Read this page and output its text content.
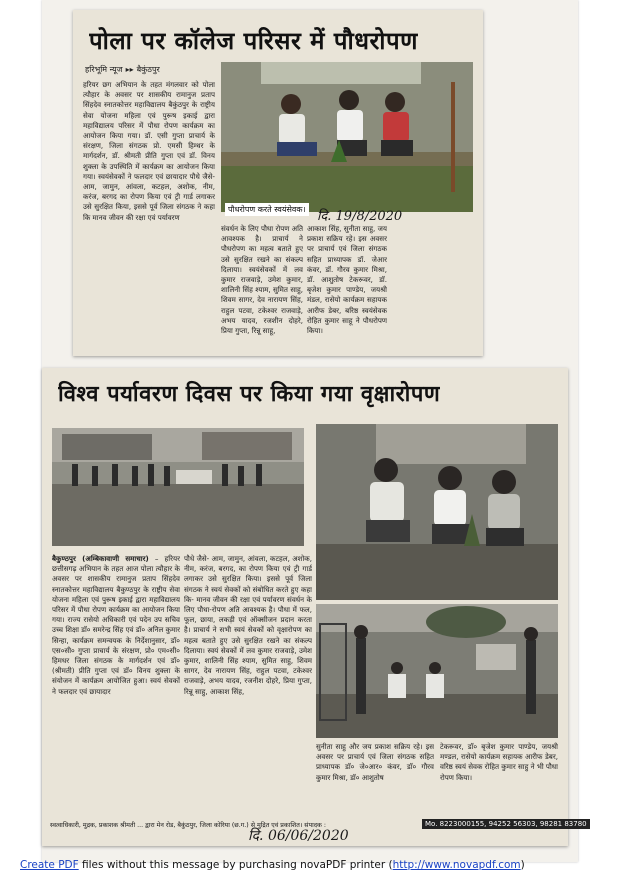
पोला पर कॉलेज परिसर में पौधरोपण
हरिभूमि न्यूज ▸▸ बैकुंठपुर
हरियर छग अभियान के तहत मंगलवार को पोला त्यौहार के अवसर पर शासकीय रामानुज प्रताप सिंहदेव स्नातकोत्तर महाविद्यालय बैकुंठपुर के राष्ट्रीय सेवा योजना महिला एवं पुरूष इकाई द्वारा महाविद्यालय परिसर में पौधा रोपण कार्यक्रम का आयोजन किया गया। डॉ. एसी गुप्ता प्राचार्य के संरक्षण, जिला संगठक प्रो. एमसी हिम्धर के मार्गदर्शन, डॉ. श्रीमती प्रीति गुप्ता एवं डॉ. विनय शुक्ला के उपस्थिति में कार्यक्रम का आयोजन किया गया। स्वयंसेवकों ने फलदार एवं छायादार पौधे जैसे- आम, जामुन, आंवला, कटहल, अशोक, नीम, करंज, बरगद का रोपण किया एवं ट्री गार्ड लगाकर उसे सुरक्षित किया, इससे पूर्व जिला संगठक ने कहा कि मानव जीवन की रक्षा एवं पर्यावरण
पौधरोपण करते स्वयंसेवक। दि. 19/8/2020
संवर्धन के लिए पौधा रोपण अति आवश्यक है। प्राचार्य ने पौधरोपण का महत्व बताते हुए उसे सुरक्षित रखने का संकल्प दिलाया। स्वयंसेवकों में लव कुमार राजवाड़े, उमेश कुमार, शालिनी सिंह श्याम, सुमित साहु, शिवम सागर, देव नारायण सिंह, राहुल पटवा, टकेश्वर राजवाड़े, अभय यादव, रजशीन दोहरे, प्रिया गुप्ता, रिन्नू साहू,
आकाश सिंह, सुनीता साहु, जय प्रकाश सक्रिय रहे। इस अवसर पर प्राचार्य एवं जिला संगठक सहित प्राध्यापक डॉ. जेआर कंवर, डॉ. गौरव कुमार मिश्रा, डॉ. आशुतोष टेकरूवर, डॉ. बृजेश कुमार पाण्डेय, जयश्री मंडल, रासेयो कार्यक्रम सहायक आरीफ डेबर, बरिष्ठ स्वयंसेवक रोहित कुमार साहू ने पौधरोपण किया।
विश्व पर्यावरण दिवस पर किया गया वृक्षारोपण
बैकुण्ठपुर (अम्बिकावाणी समाचार) – हरियर छत्तीसगढ़ अभियान के तहत आज पोला त्यौहार के अवसर पर शासकीय रामानुज प्रताप सिंहदेव स्नातकोत्तर महाविद्यालय बैकुण्ठपुर के राष्ट्रीय सेवा योजना महिला एवं पुरूष इकाई द्वारा महाविद्यालय परिसर में पौधा रोपण कार्यक्रम का आयोजन किया गया। राज्य रासेयो अधिकारी एवं पदेन उप सचिव उच्च शिक्षा डॉ० समरेन्द्र सिंह एवं डॉ० अनिल कुमार सिन्हा, कार्यक्रम समन्वयक के निर्देशानुसार, डॉ० एस०सी० गुप्ता प्राचार्य के संरक्षण, प्रो० एम०सी० हिमधर जिला संगठक के मार्गदर्शन एवं डॉ० (श्रीमती) प्रीति गुप्ता एवं डॉ० विनय शुक्ला के संयोजन में कार्यक्रम आयोजित हुआ। स्वयं सेवकों ने फलदार एवं छायादार
पौधे जैसे- आम, जामुन, आंवला, कटहल, अशोक, नीम, करंज, बरगद, का रोपण किया एवं ट्री गार्ड लगाकर उसे सुरक्षित किया। इससे पूर्व जिला संगठक ने स्वयं सेवकों को संबोधित करते हुए कहा कि- मानव जीवन की रक्षा एवं पर्यावरण संवर्धन के लिए पौधा-रोपण अति आवश्यक है। पौधा में फल, फूल, छाया, लकड़ी एवं ऑक्सीजन प्रदान करता है। प्राचार्य ने सभी स्वयं सेवकों को वृक्षारोपण का महत्व बताते हुए उसे सुरक्षित रखने का संकल्प दिलाया। स्वयं सेवकों में लव कुमार राजवाड़े, उमेश कुमार, शालिनी सिंह श्याम, सुमित साहु, शिवम सागर, देव नारायण सिंह, राहुल पटवा, टकेश्वर राजवाड़े, अभय यादव, रजनीश दोहरे, प्रिया गुप्ता, रिन्नू साहु, आकाश सिंह,
सुनीता साहु और जय प्रकाश सक्रिय रहे। इस अवसर पर प्राचार्य एवं जिला संगठक सहित प्राध्यापक डॉ० जे०आर० कंवर, डॉ० गौरव कुमार मिश्रा, डॉ० आशुतोष
टेकरूवर, डॉ० बृजेश कुमार पाण्डेय, जयश्री मण्डल, रासेयो कार्यक्रम सहायक आरीफ डेबर, वरिष्ठ स्वयं सेवक रोहित कुमार साहु ने भी पौधा रोपण किया।
स्वत्वाधिकारी, मुद्रक, प्रकाशक श्रीमती ... द्वारा मेन रोड, बैकुंठपुर, जिला कोरिया (छ.ग.) से मुद्रित एवं प्रकाशित। संपादक :	Mo. 8223000155, 94252 56303, 98281 83780
दि. 06/06/2020
Create PDF files without this message by purchasing novaPDF printer (http://www.novapdf.com)
